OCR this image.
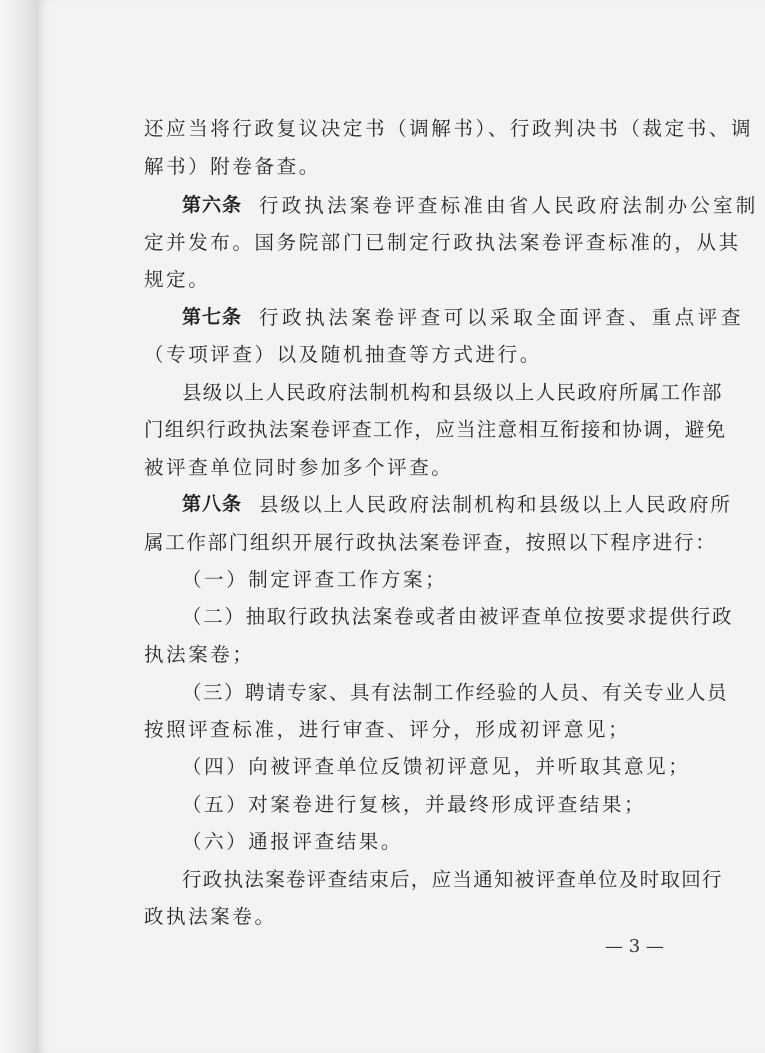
还应当将行政复议决定书（调解书）、行政判决书（裁定书、调
解书）附卷备查。
第六条 行政执法案卷评查标准由省人民政府法制办公室制
定并发布。国务院部门已制定行政执法案卷评查标准的，从其
规定。
第七条 行政执法案卷评查可以采取全面评查、重点评查
（专项评查）以及随机抽查等方式进行。
县级以上人民政府法制机构和县级以上人民政府所属工作部
门组织行政执法案卷评查工作，应当注意相互衔接和协调，避免
被评查单位同时参加多个评查。
第八条 县级以上人民政府法制机构和县级以上人民政府所
属工作部门组织开展行政执法案卷评查，按照以下程序进行：
（一）制定评查工作方案；
（二）抽取行政执法案卷或者由被评查单位按要求提供行政
执法案卷；
（三）聘请专家、具有法制工作经验的人员、有关专业人员
按照评查标准，进行审查、评分，形成初评意见；
（四）向被评查单位反馈初评意见，并听取其意见；
（五）对案卷进行复核，并最终形成评查结果；
（六）通报评查结果。
行政执法案卷评查结束后，应当通知被评查单位及时取回行
政执法案卷。
— 3 —
